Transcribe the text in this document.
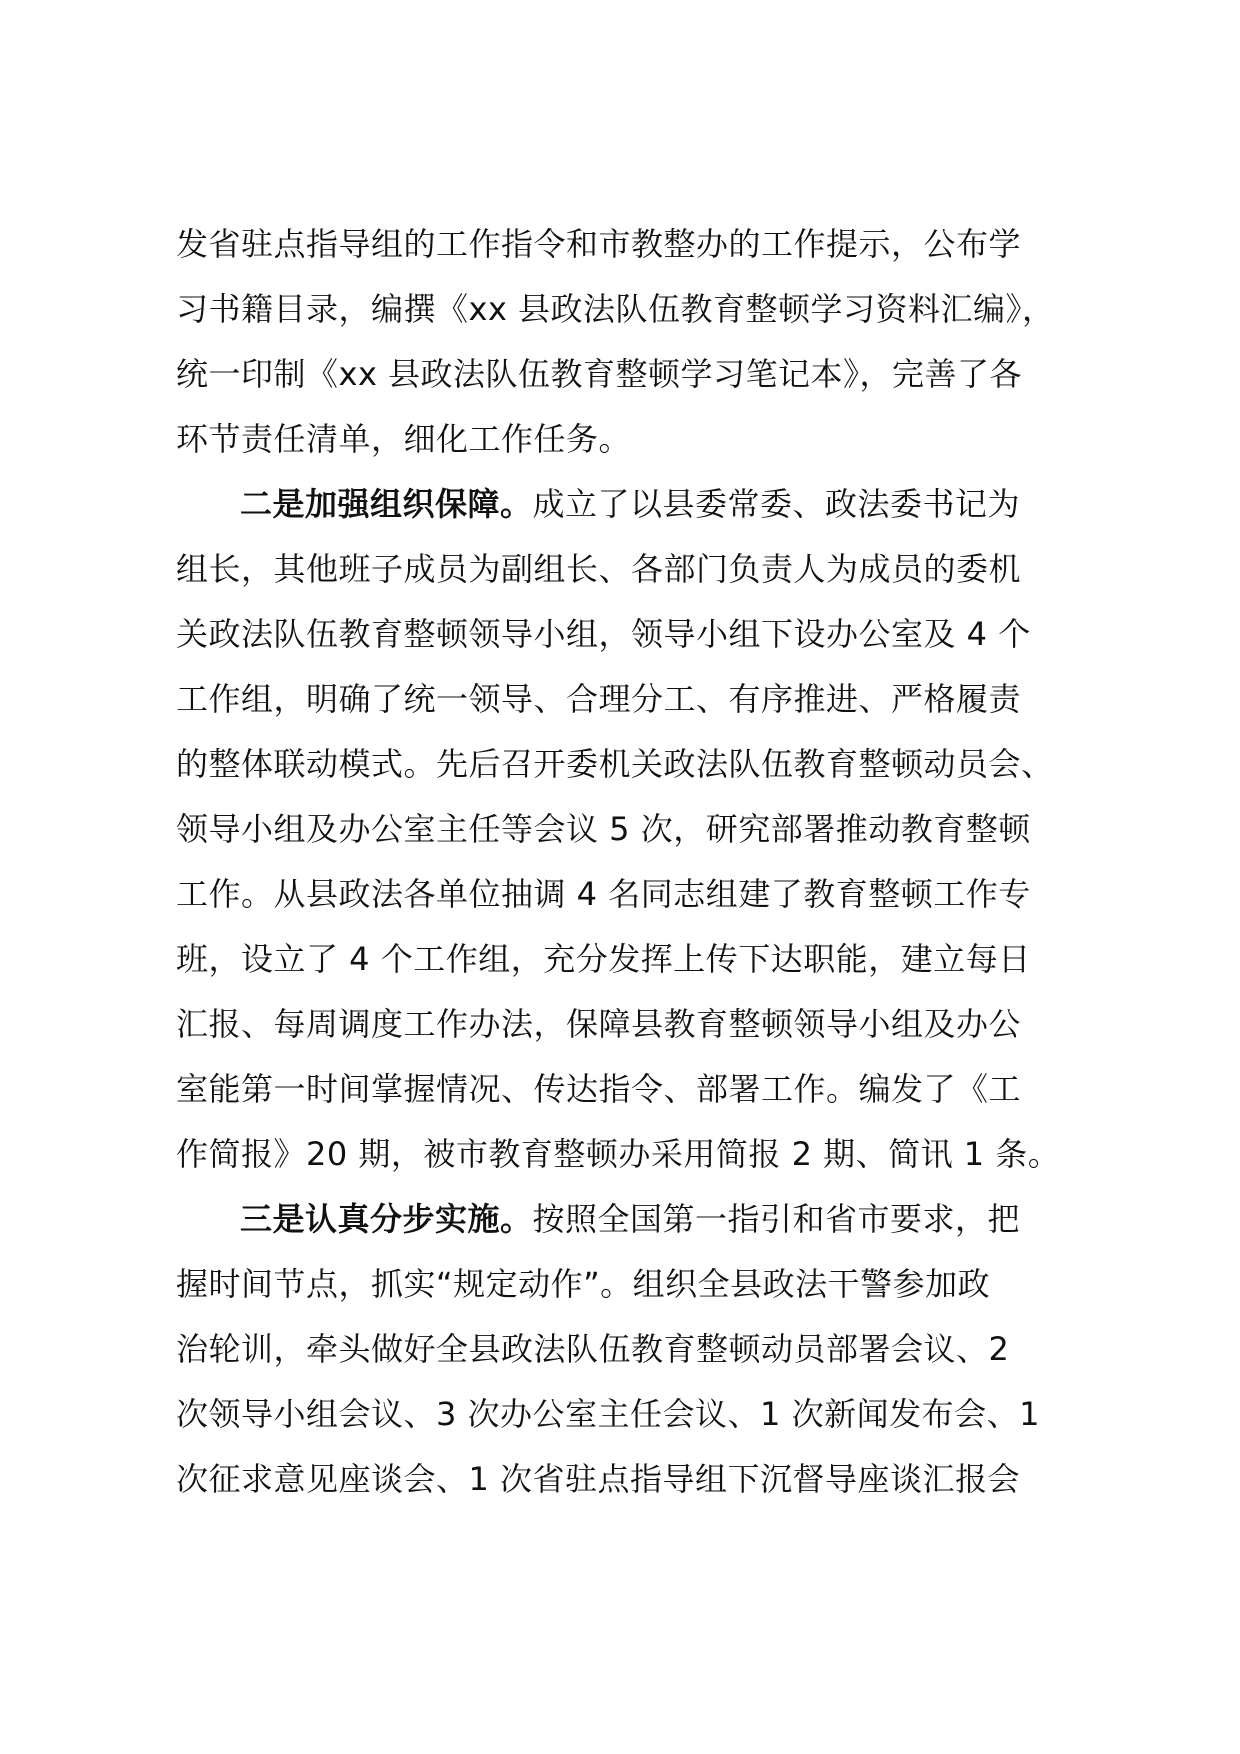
发省驻点指导组的工作指令和市教整办的工作提示，公布学
习书籍目录，编撰《xx 县政法队伍教育整顿学习资料汇编》，
统一印制《xx 县政法队伍教育整顿学习笔记本》，完善了各
环节责任清单，细化工作任务。
二是加强组织保障。成立了以县委常委、政法委书记为
组长，其他班子成员为副组长、各部门负责人为成员的委机
关政法队伍教育整顿领导小组，领导小组下设办公室及 4 个
工作组，明确了统一领导、合理分工、有序推进、严格履责
的整体联动模式。先后召开委机关政法队伍教育整顿动员会、
领导小组及办公室主任等会议 5 次，研究部署推动教育整顿
工作。从县政法各单位抽调 4 名同志组建了教育整顿工作专
班，设立了 4 个工作组，充分发挥上传下达职能，建立每日
汇报、每周调度工作办法，保障县教育整顿领导小组及办公
室能第一时间掌握情况、传达指令、部署工作。编发了《工
作简报》20 期，被市教育整顿办采用简报 2 期、简讯 1 条。
三是认真分步实施。按照全国第一指引和省市要求，把
握时间节点，抓实“规定动作”。组织全县政法干警参加政
治轮训，牵头做好全县政法队伍教育整顿动员部署会议、2
次领导小组会议、3 次办公室主任会议、1 次新闻发布会、1
次征求意见座谈会、1 次省驻点指导组下沉督导座谈汇报会
